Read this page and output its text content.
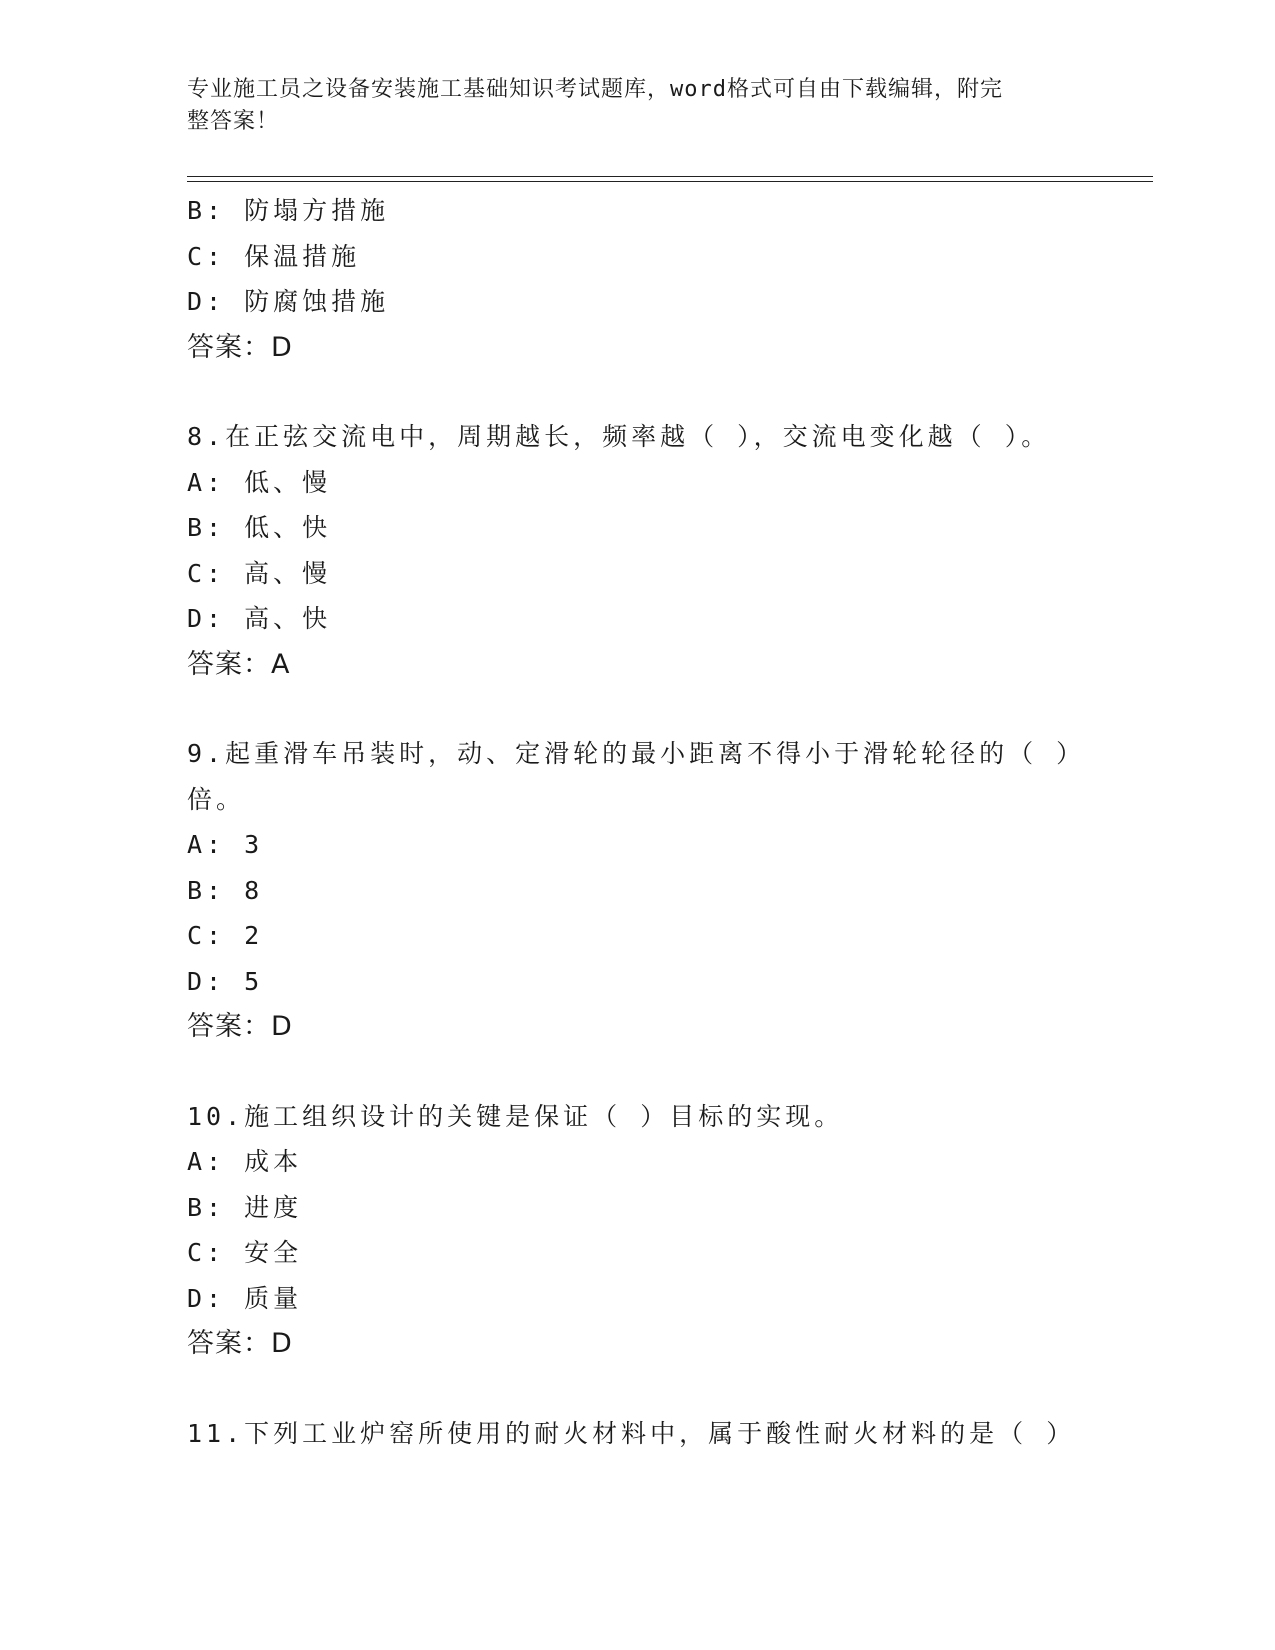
专业施工员之设备安装施工基础知识考试题库，word格式可自由下载编辑，附完
整答案！
B: 防塌方措施
C: 保温措施
D: 防腐蚀措施
答案：D
8.在正弦交流电中，周期越长，频率越（ ），交流电变化越（ ）。
A: 低、慢
B: 低、快
C: 高、慢
D: 高、快
答案：A
9.起重滑车吊装时，动、定滑轮的最小距离不得小于滑轮轮径的（ ）
倍。
A: 3
B: 8
C: 2
D: 5
答案：D
10.施工组织设计的关键是保证（ ）目标的实现。
A: 成本
B: 进度
C: 安全
D: 质量
答案：D
11.下列工业炉窑所使用的耐火材料中，属于酸性耐火材料的是（ ）
